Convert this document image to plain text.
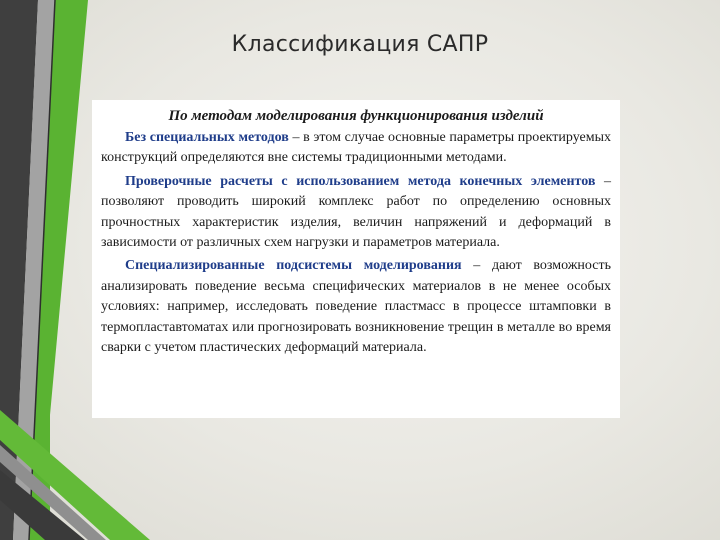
Классификация САПР
По методам моделирования функционирования изделий

Без специальных методов – в этом случае основные параметры проектируемых конструкций определяются вне системы традиционными методами.

Проверочные расчеты с использованием метода конечных элементов – позволяют проводить широкий комплекс работ по определению основных прочностных характеристик изделия, величин напряжений и деформаций в зависимости от различных схем нагрузки и параметров материала.

Специализированные подсистемы моделирования – дают возможность анализировать поведение весьма специфических материалов в не менее особых условиях: например, исследовать поведение пластмасс в процессе штамповки в термопластавтоматах или прогнозировать возникновение трещин в металле во время сварки с учетом пластических деформаций материала.
